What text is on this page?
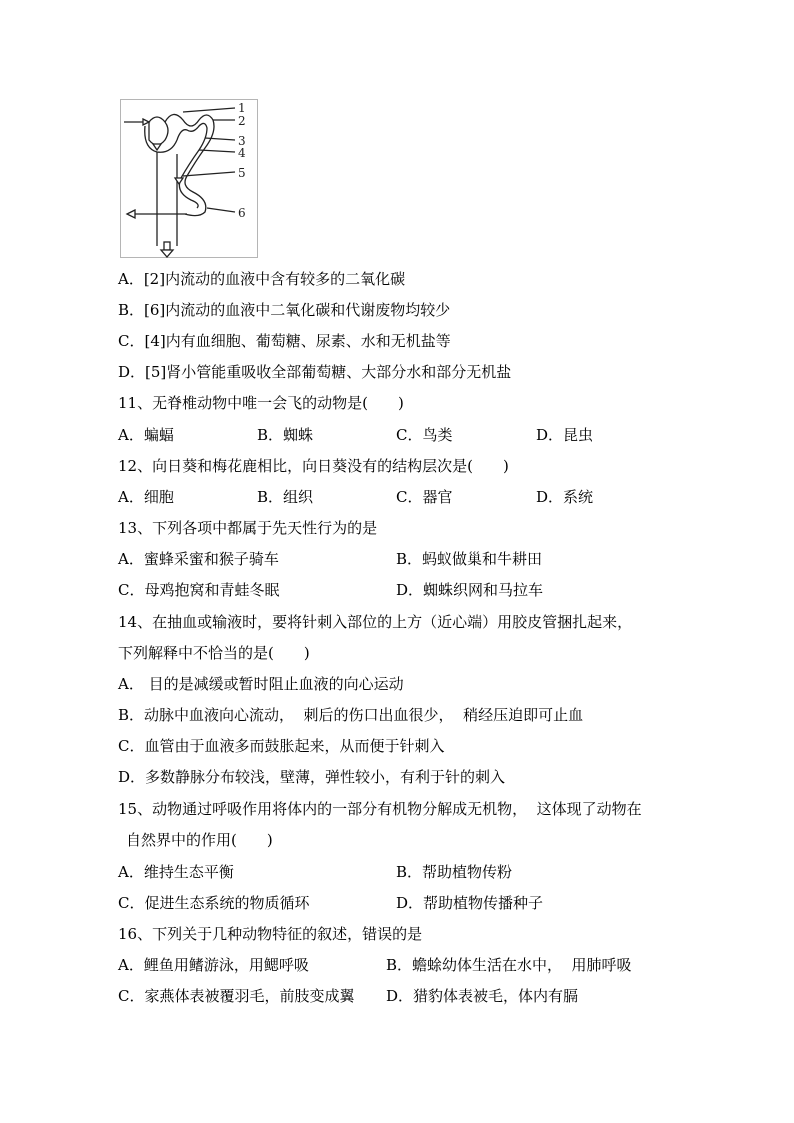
1
2
3
4
5
6
A．[2]内流动的血液中含有较多的二氧化碳
B．[6]内流动的血液中二氧化碳和代谢废物均较少
C．[4]内有血细胞、葡萄糖、尿素、水和无机盐等
D．[5]肾小管能重吸收全部葡萄糖、大部分水和部分无机盐
11、无脊椎动物中唯一会飞的动物是(　　)
A．蝙蝠	B．蜘蛛	C．鸟类	D．昆虫
12、向日葵和梅花鹿相比，向日葵没有的结构层次是(　　)
A．细胞	B．组织	C．器官	D．系统
13、下列各项中都属于先天性行为的是
A．蜜蜂采蜜和猴子骑车	B．蚂蚁做巢和牛耕田
C．母鸡抱窝和青蛙冬眠	D．蜘蛛织网和马拉车
14、在抽血或输液时，要将针刺入部位的上方（近心端）用胶皮管捆扎起来，
下列解释中不恰当的是(　　)
A． 目的是减缓或暂时阻止血液的向心运动
B．动脉中血液向心流动，  刺后的伤口出血很少，  稍经压迫即可止血
C．血管由于血液多而鼓胀起来，从而便于针刺入
D．多数静脉分布较浅，壁薄，弹性较小，有利于针的刺入
15、动物通过呼吸作用将体内的一部分有机物分解成无机物，  这体现了动物在
自然界中的作用(　　)
A．维持生态平衡	B．帮助植物传粉
C．促进生态系统的物质循环	D．帮助植物传播种子
16、下列关于几种动物特征的叙述，错误的是
A．鲤鱼用鳍游泳，用鳃呼吸	B．蟾蜍幼体生活在水中，  用肺呼吸
C．家燕体表被覆羽毛，前肢变成翼 D．猎豹体表被毛，体内有膈
